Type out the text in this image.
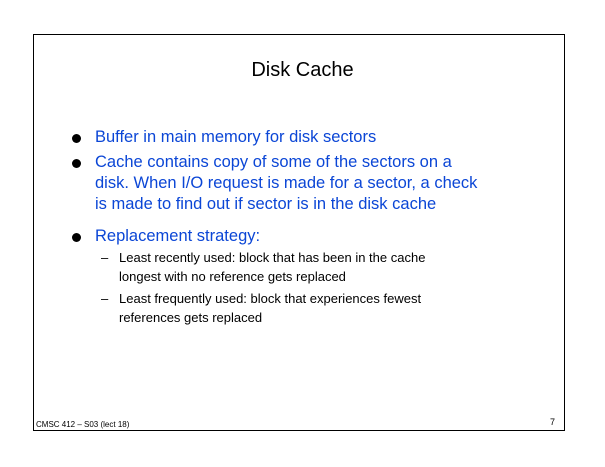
Disk Cache
Buffer in main memory for disk sectors
Cache contains copy of some of the sectors on a
disk. When I/O request is made for a sector, a check
is made to find out if sector is in the disk cache
Replacement strategy:
– Least recently used: block that has been in the cache
longest with no reference gets replaced
– Least frequently used: block that experiences fewest
references gets replaced
CMSC 412 – S03 (lect 18)	7
